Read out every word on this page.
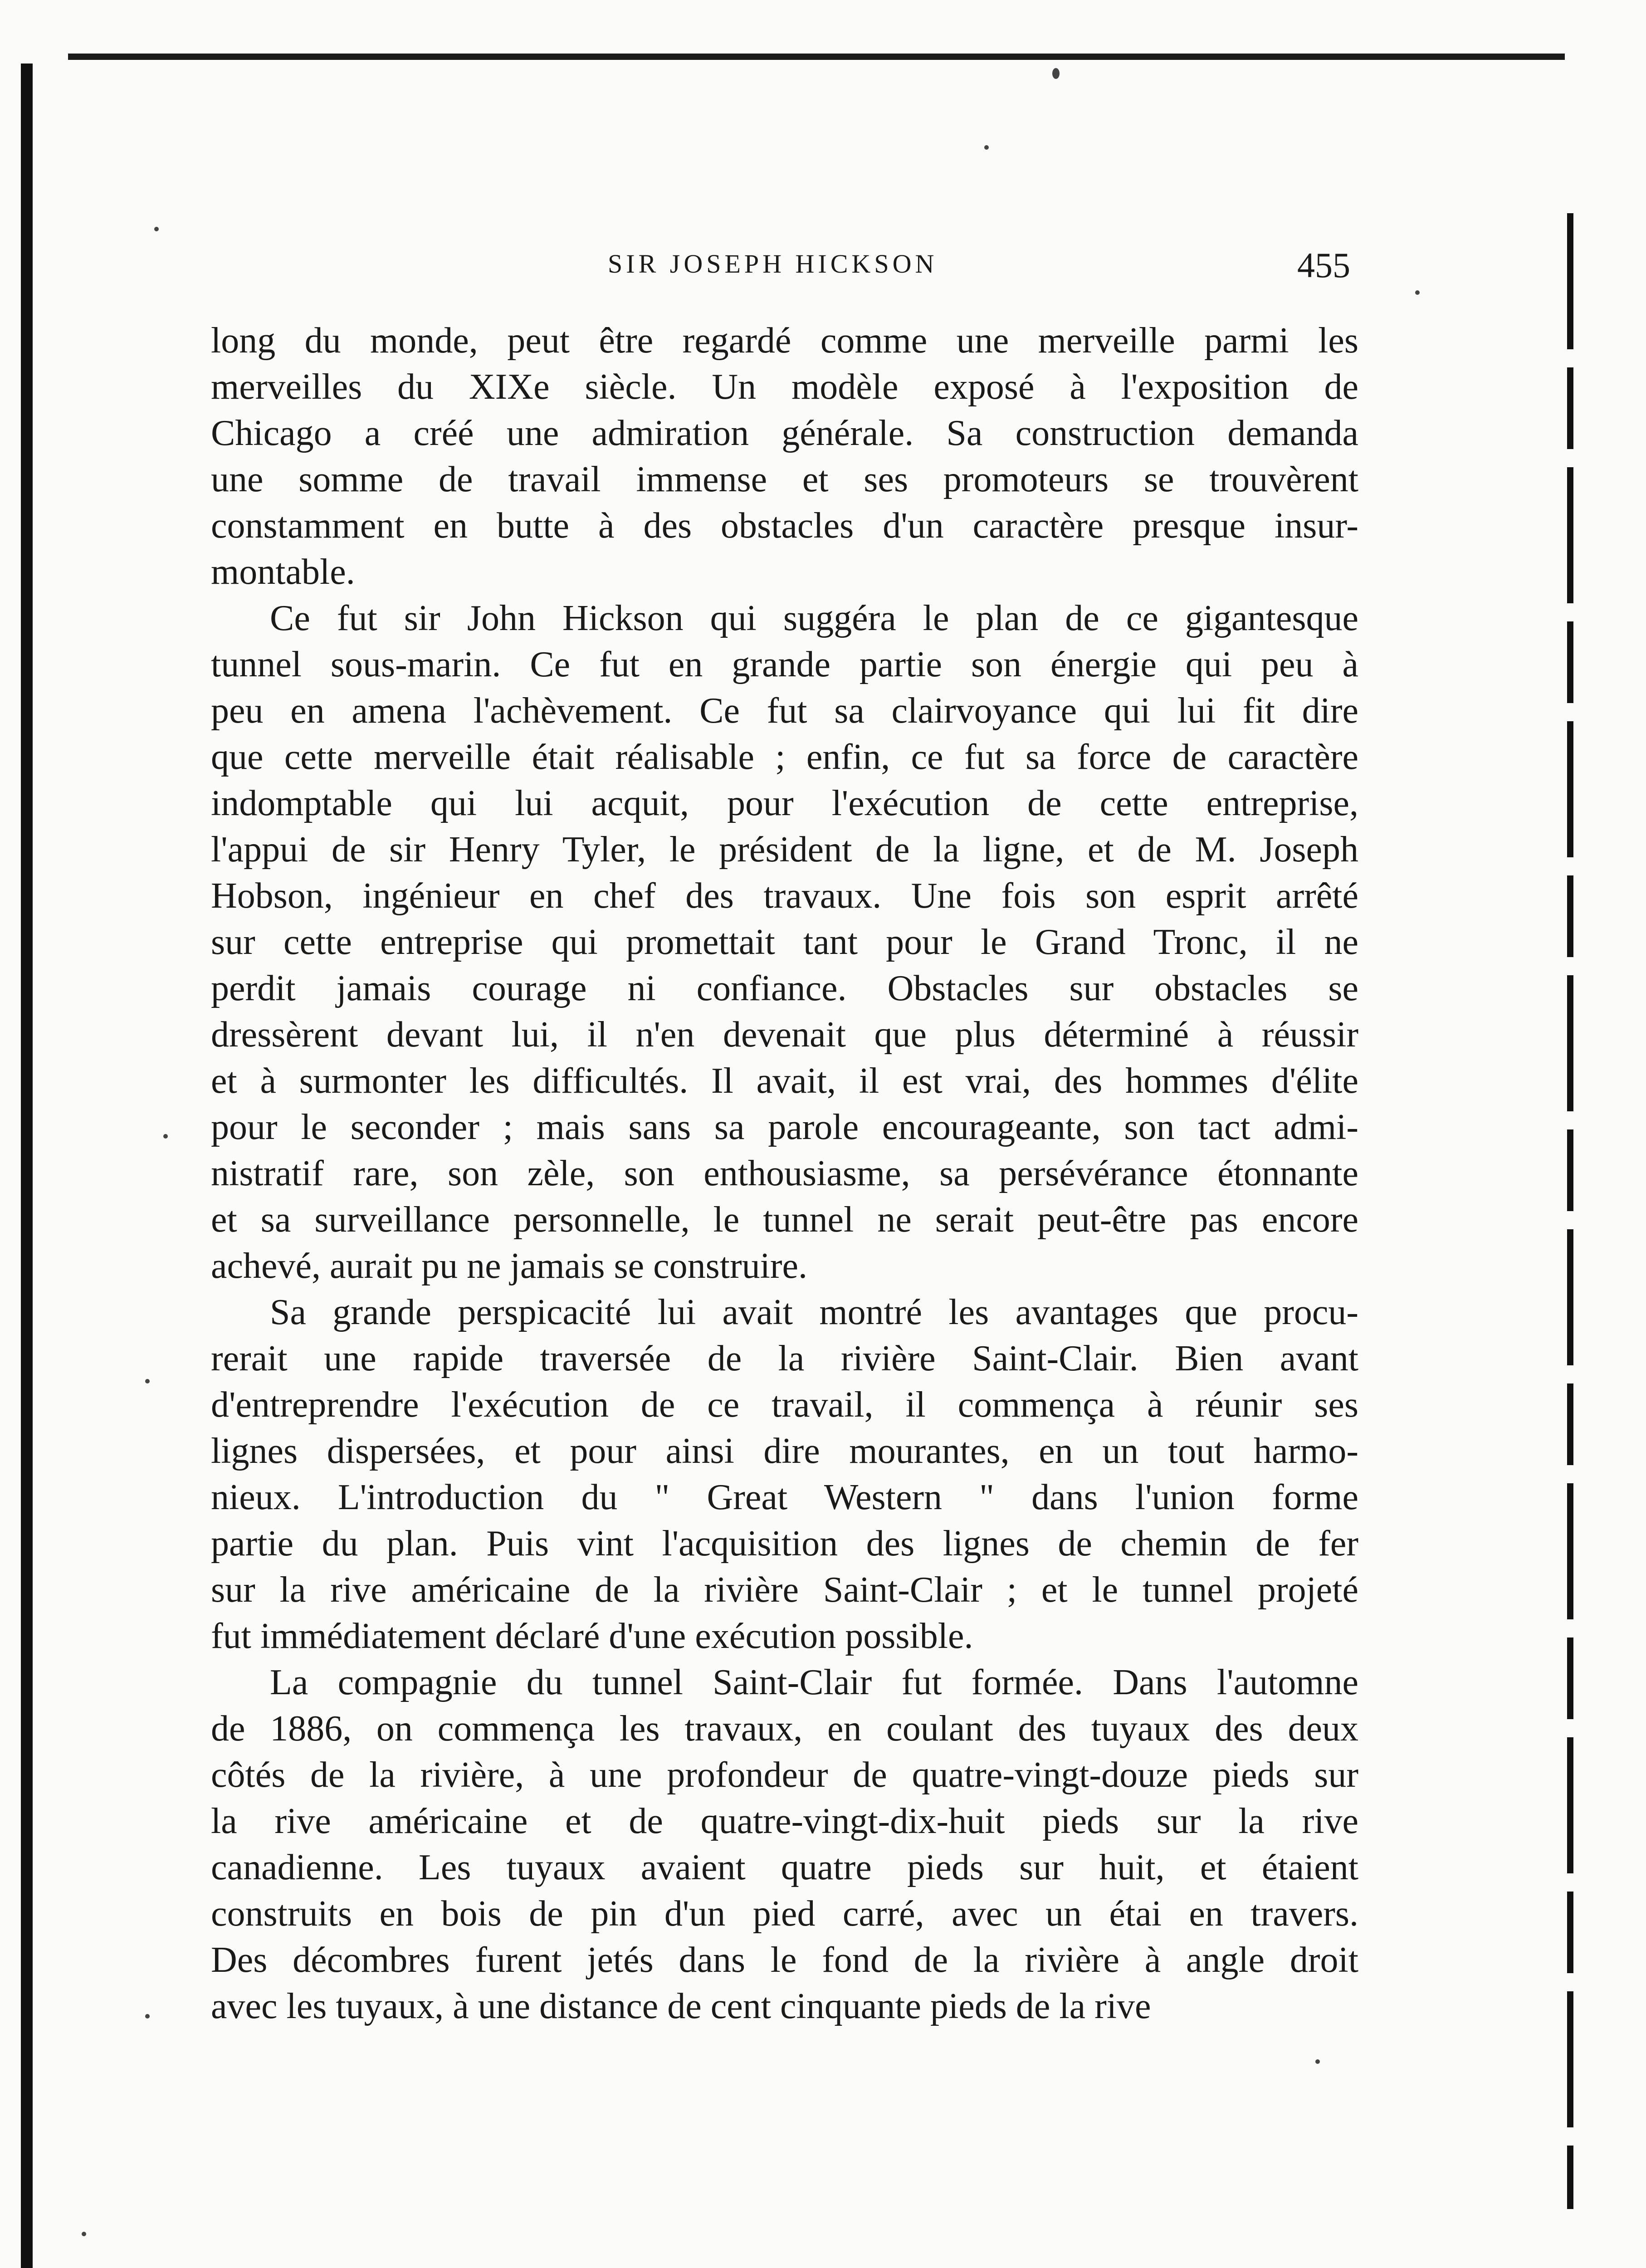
SIR JOSEPH HICKSON	455
long du monde, peut être regardé comme une merveille parmi les
merveilles du XIXe siècle. Un modèle exposé à l'exposition de
Chicago a créé une admiration générale. Sa construction demanda
une somme de travail immense et ses promoteurs se trouvèrent
constamment en butte à des obstacles d'un caractère presque insur-
montable.
Ce fut sir John Hickson qui suggéra le plan de ce gigantesque
tunnel sous-marin. Ce fut en grande partie son énergie qui peu à
peu en amena l'achèvement. Ce fut sa clairvoyance qui lui fit dire
que cette merveille était réalisable ; enfin, ce fut sa force de caractère
indomptable qui lui acquit, pour l'exécution de cette entreprise,
l'appui de sir Henry Tyler, le président de la ligne, et de M. Joseph
Hobson, ingénieur en chef des travaux. Une fois son esprit arrêté
sur cette entreprise qui promettait tant pour le Grand Tronc, il ne
perdit jamais courage ni confiance. Obstacles sur obstacles se
dressèrent devant lui, il n'en devenait que plus déterminé à réussir
et à surmonter les difficultés. Il avait, il est vrai, des hommes d'élite
pour le seconder ; mais sans sa parole encourageante, son tact admi-
nistratif rare, son zèle, son enthousiasme, sa persévérance étonnante
et sa surveillance personnelle, le tunnel ne serait peut-être pas encore
achevé, aurait pu ne jamais se construire.
Sa grande perspicacité lui avait montré les avantages que procu-
rerait une rapide traversée de la rivière Saint-Clair. Bien avant
d'entreprendre l'exécution de ce travail, il commença à réunir ses
lignes dispersées, et pour ainsi dire mourantes, en un tout harmo-
nieux. L'introduction du " Great Western " dans l'union forme
partie du plan. Puis vint l'acquisition des lignes de chemin de fer
sur la rive américaine de la rivière Saint-Clair ; et le tunnel projeté
fut immédiatement déclaré d'une exécution possible.
La compagnie du tunnel Saint-Clair fut formée. Dans l'automne
de 1886, on commença les travaux, en coulant des tuyaux des deux
côtés de la rivière, à une profondeur de quatre-vingt-douze pieds sur
la rive américaine et de quatre-vingt-dix-huit pieds sur la rive
canadienne. Les tuyaux avaient quatre pieds sur huit, et étaient
construits en bois de pin d'un pied carré, avec un étai en travers.
Des décombres furent jetés dans le fond de la rivière à angle droit
avec les tuyaux, à une distance de cent cinquante pieds de la rive
